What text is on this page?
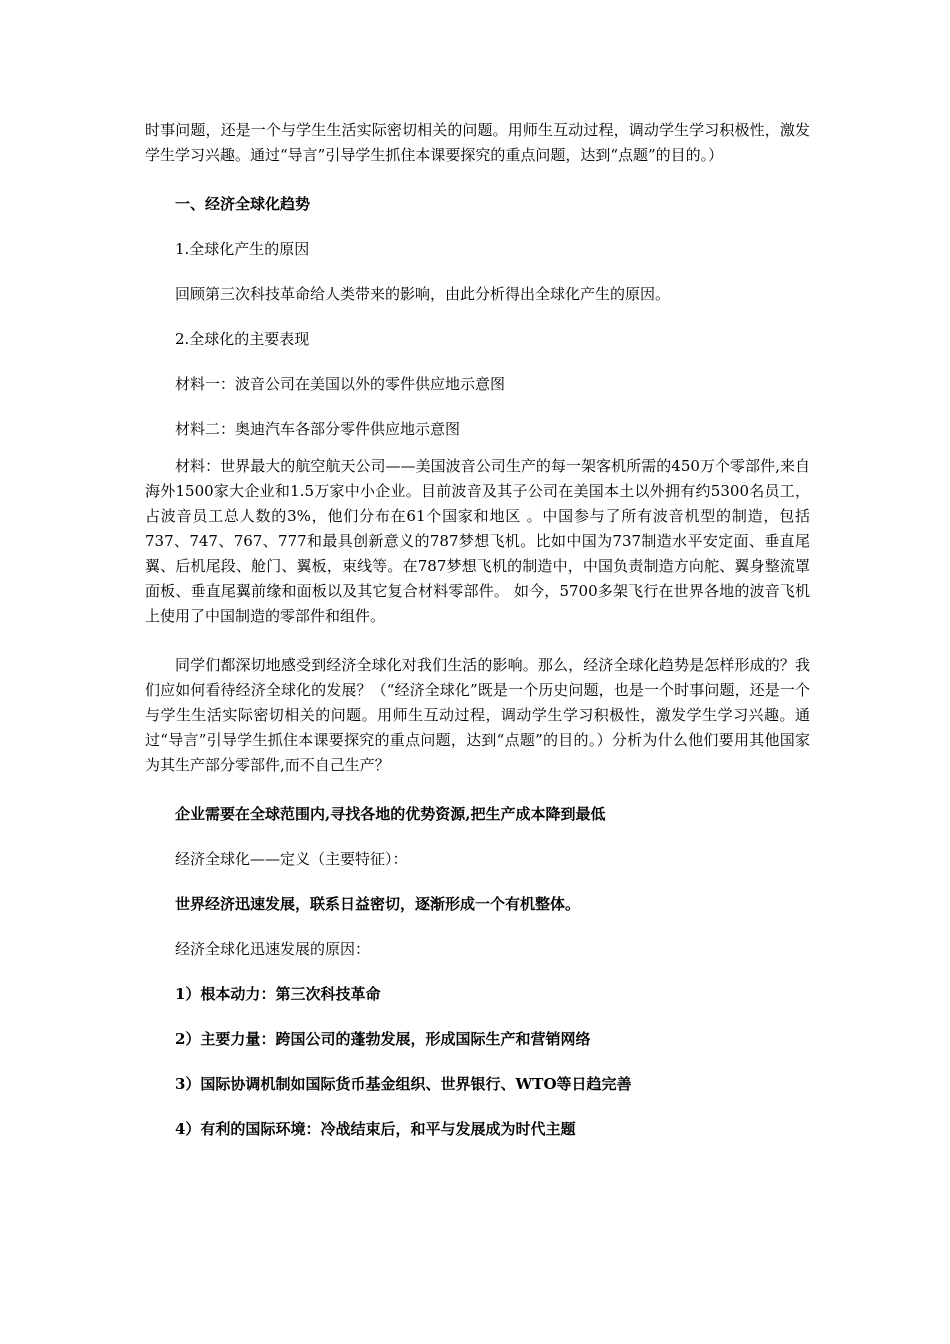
时事问题，还是一个与学生生活实际密切相关的问题。用师生互动过程，调动学生学习积极性，激发学生学习兴趣。通过“导言”引导学生抓住本课要探究的重点问题，达到“点题”的目的。）

一、经济全球化趋势

1.全球化产生的原因

回顾第三次科技革命给人类带来的影响，由此分析得出全球化产生的原因。

2.全球化的主要表现

材料一：波音公司在美国以外的零件供应地示意图

材料二：奥迪汽车各部分零件供应地示意图

材料：世界最大的航空航天公司——美国波音公司生产的每一架客机所需的450万个零部件,来自海外1500家大企业和1.5万家中小企业。目前波音及其子公司在美国本土以外拥有约5300名员工，占波音员工总人数的3%，他们分布在61个国家和地区 。中国参与了所有波音机型的制造，包括737、747、767、777和最具创新意义的787梦想飞机。比如中国为737制造水平安定面、垂直尾翼、后机尾段、舱门、翼板，束线等。在787梦想飞机的制造中，中国负责制造方向舵、翼身整流罩面板、垂直尾翼前缘和面板以及其它复合材料零部件。 如今，5700多架飞行在世界各地的波音飞机上使用了中国制造的零部件和组件。

同学们都深切地感受到经济全球化对我们生活的影响。那么，经济全球化趋势是怎样形成的？我们应如何看待经济全球化的发展？（“经济全球化”既是一个历史问题，也是一个时事问题，还是一个与学生生活实际密切相关的问题。用师生互动过程，调动学生学习积极性，激发学生学习兴趣。通过“导言”引导学生抓住本课要探究的重点问题，达到“点题”的目的。）分析为什么他们要用其他国家为其生产部分零部件,而不自己生产？

企业需要在全球范围内,寻找各地的优势资源,把生产成本降到最低

经济全球化——定义（主要特征）：

世界经济迅速发展，联系日益密切，逐渐形成一个有机整体。

经济全球化迅速发展的原因：

1）根本动力：第三次科技革命

2）主要力量：跨国公司的蓬勃发展，形成国际生产和营销网络

3）国际协调机制如国际货币基金组织、世界银行、WTO等日趋完善

4）有利的国际环境：冷战结束后，和平与发展成为时代主题
